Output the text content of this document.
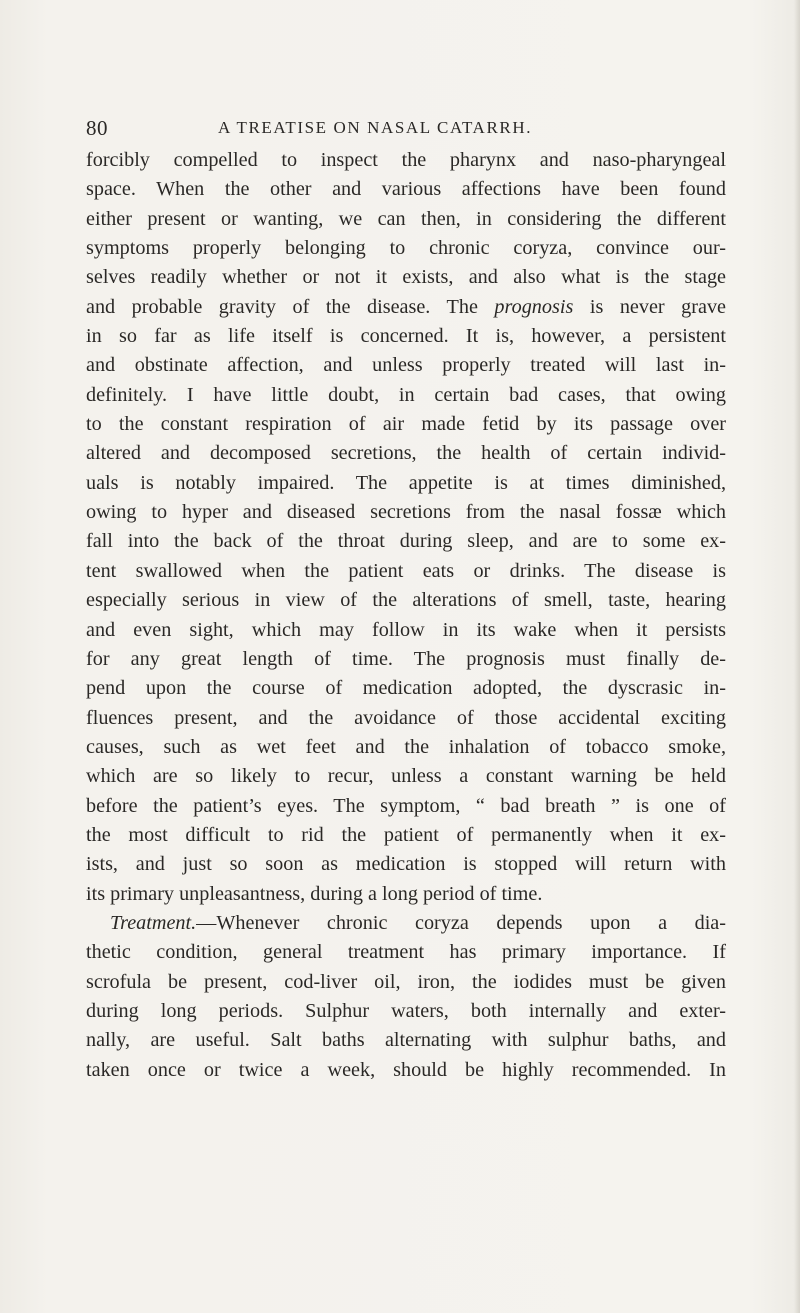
80	A TREATISE ON NASAL CATARRH.
forcibly compelled to inspect the pharynx and naso-pharyngeal
space. When the other and various affections have been found
either present or wanting, we can then, in considering the different
symptoms properly belonging to chronic coryza, convince our-
selves readily whether or not it exists, and also what is the stage
and probable gravity of the disease. The prognosis is never grave
in so far as life itself is concerned. It is, however, a persistent
and obstinate affection, and unless properly treated will last in-
definitely. I have little doubt, in certain bad cases, that owing
to the constant respiration of air made fetid by its passage over
altered and decomposed secretions, the health of certain individ-
uals is notably impaired. The appetite is at times diminished,
owing to hyper and diseased secretions from the nasal fossæ which
fall into the back of the throat during sleep, and are to some ex-
tent swallowed when the patient eats or drinks. The disease is
especially serious in view of the alterations of smell, taste, hearing
and even sight, which may follow in its wake when it persists
for any great length of time. The prognosis must finally de-
pend upon the course of medication adopted, the dyscrasic in-
fluences present, and the avoidance of those accidental exciting
causes, such as wet feet and the inhalation of tobacco smoke,
which are so likely to recur, unless a constant warning be held
before the patient’s eyes. The symptom, “ bad breath ” is one of
the most difficult to rid the patient of permanently when it ex-
ists, and just so soon as medication is stopped will return with
its primary unpleasantness, during a long period of time.
Treatment.—Whenever chronic coryza depends upon a dia-
thetic condition, general treatment has primary importance. If
scrofula be present, cod-liver oil, iron, the iodides must be given
during long periods. Sulphur waters, both internally and exter-
nally, are useful. Salt baths alternating with sulphur baths, and
taken once or twice a week, should be highly recommended. In
